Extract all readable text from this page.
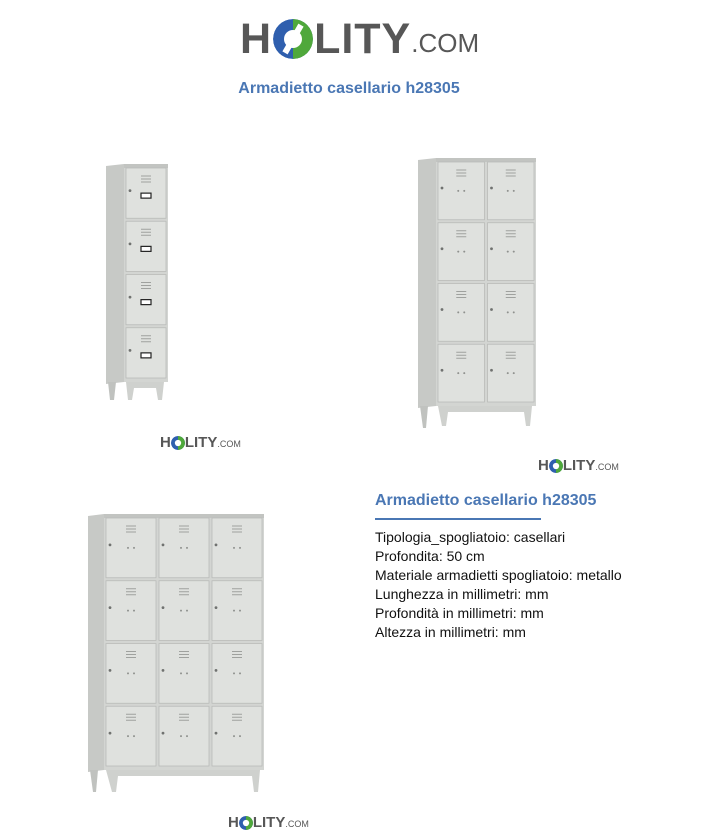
H LITY .COM
Armadietto casellario h28305
H LITY .COM
H LITY .COM
H LITY .COM
Armadietto casellario h28305
Tipologia_spogliatoio: casellari
Profondita: 50 cm
Materiale armadietti spogliatoio: metallo
Lunghezza in millimetri: mm
Profondità in millimetri: mm
Altezza in millimetri: mm
